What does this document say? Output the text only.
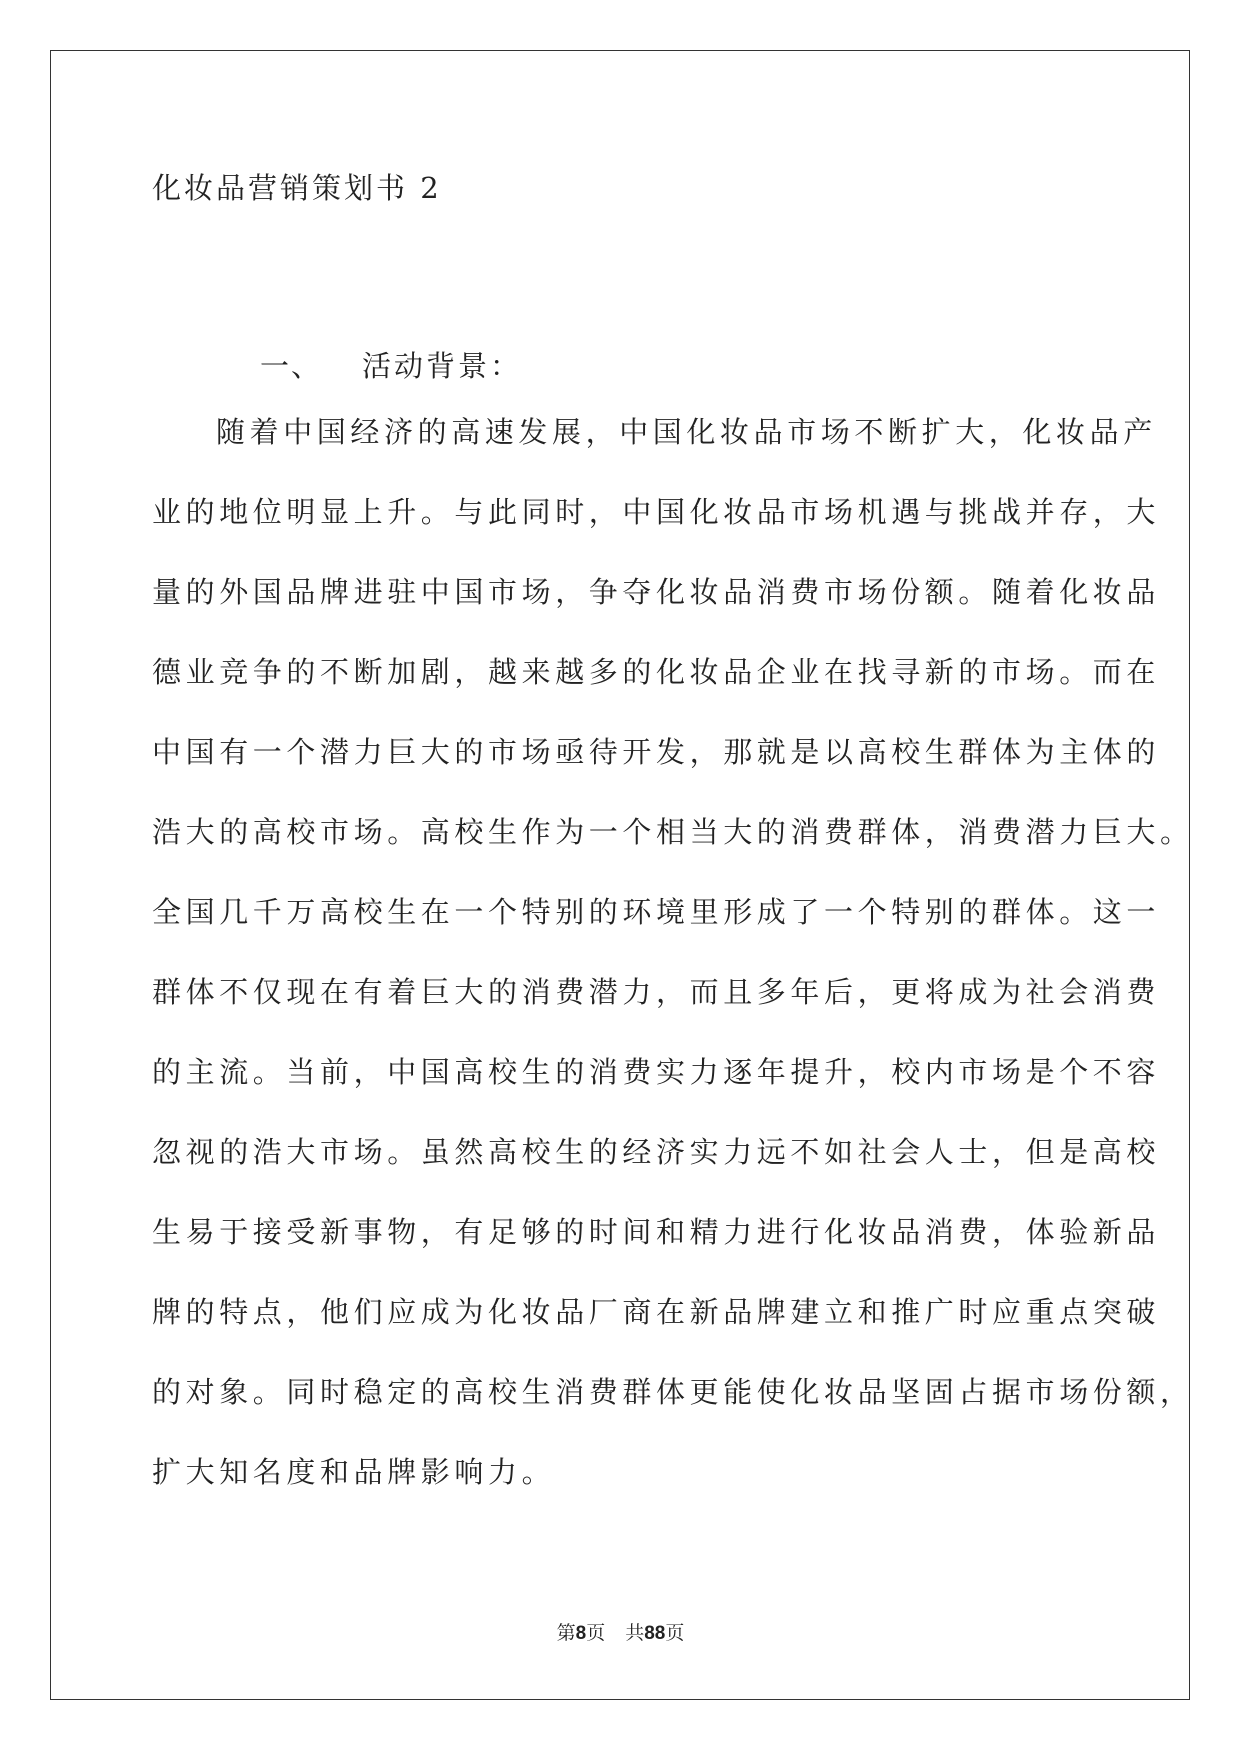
化妆品营销策划书 2
一、 活动背景：
随着中国经济的高速发展，中国化妆品市场不断扩大，化妆品产
业的地位明显上升。与此同时，中国化妆品市场机遇与挑战并存，大
量的外国品牌进驻中国市场，争夺化妆品消费市场份额。随着化妆品
德业竞争的不断加剧，越来越多的化妆品企业在找寻新的市场。而在
中国有一个潜力巨大的市场亟待开发，那就是以高校生群体为主体的
浩大的高校市场。高校生作为一个相当大的消费群体，消费潜力巨大。
全国几千万高校生在一个特别的环境里形成了一个特别的群体。这一
群体不仅现在有着巨大的消费潜力，而且多年后，更将成为社会消费
的主流。当前，中国高校生的消费实力逐年提升，校内市场是个不容
忽视的浩大市场。虽然高校生的经济实力远不如社会人士，但是高校
生易于接受新事物，有足够的时间和精力进行化妆品消费，体验新品
牌的特点，他们应成为化妆品厂商在新品牌建立和推广时应重点突破
的对象。同时稳定的高校生消费群体更能使化妆品坚固占据市场份额，
扩大知名度和品牌影响力。
第8页 共88页
